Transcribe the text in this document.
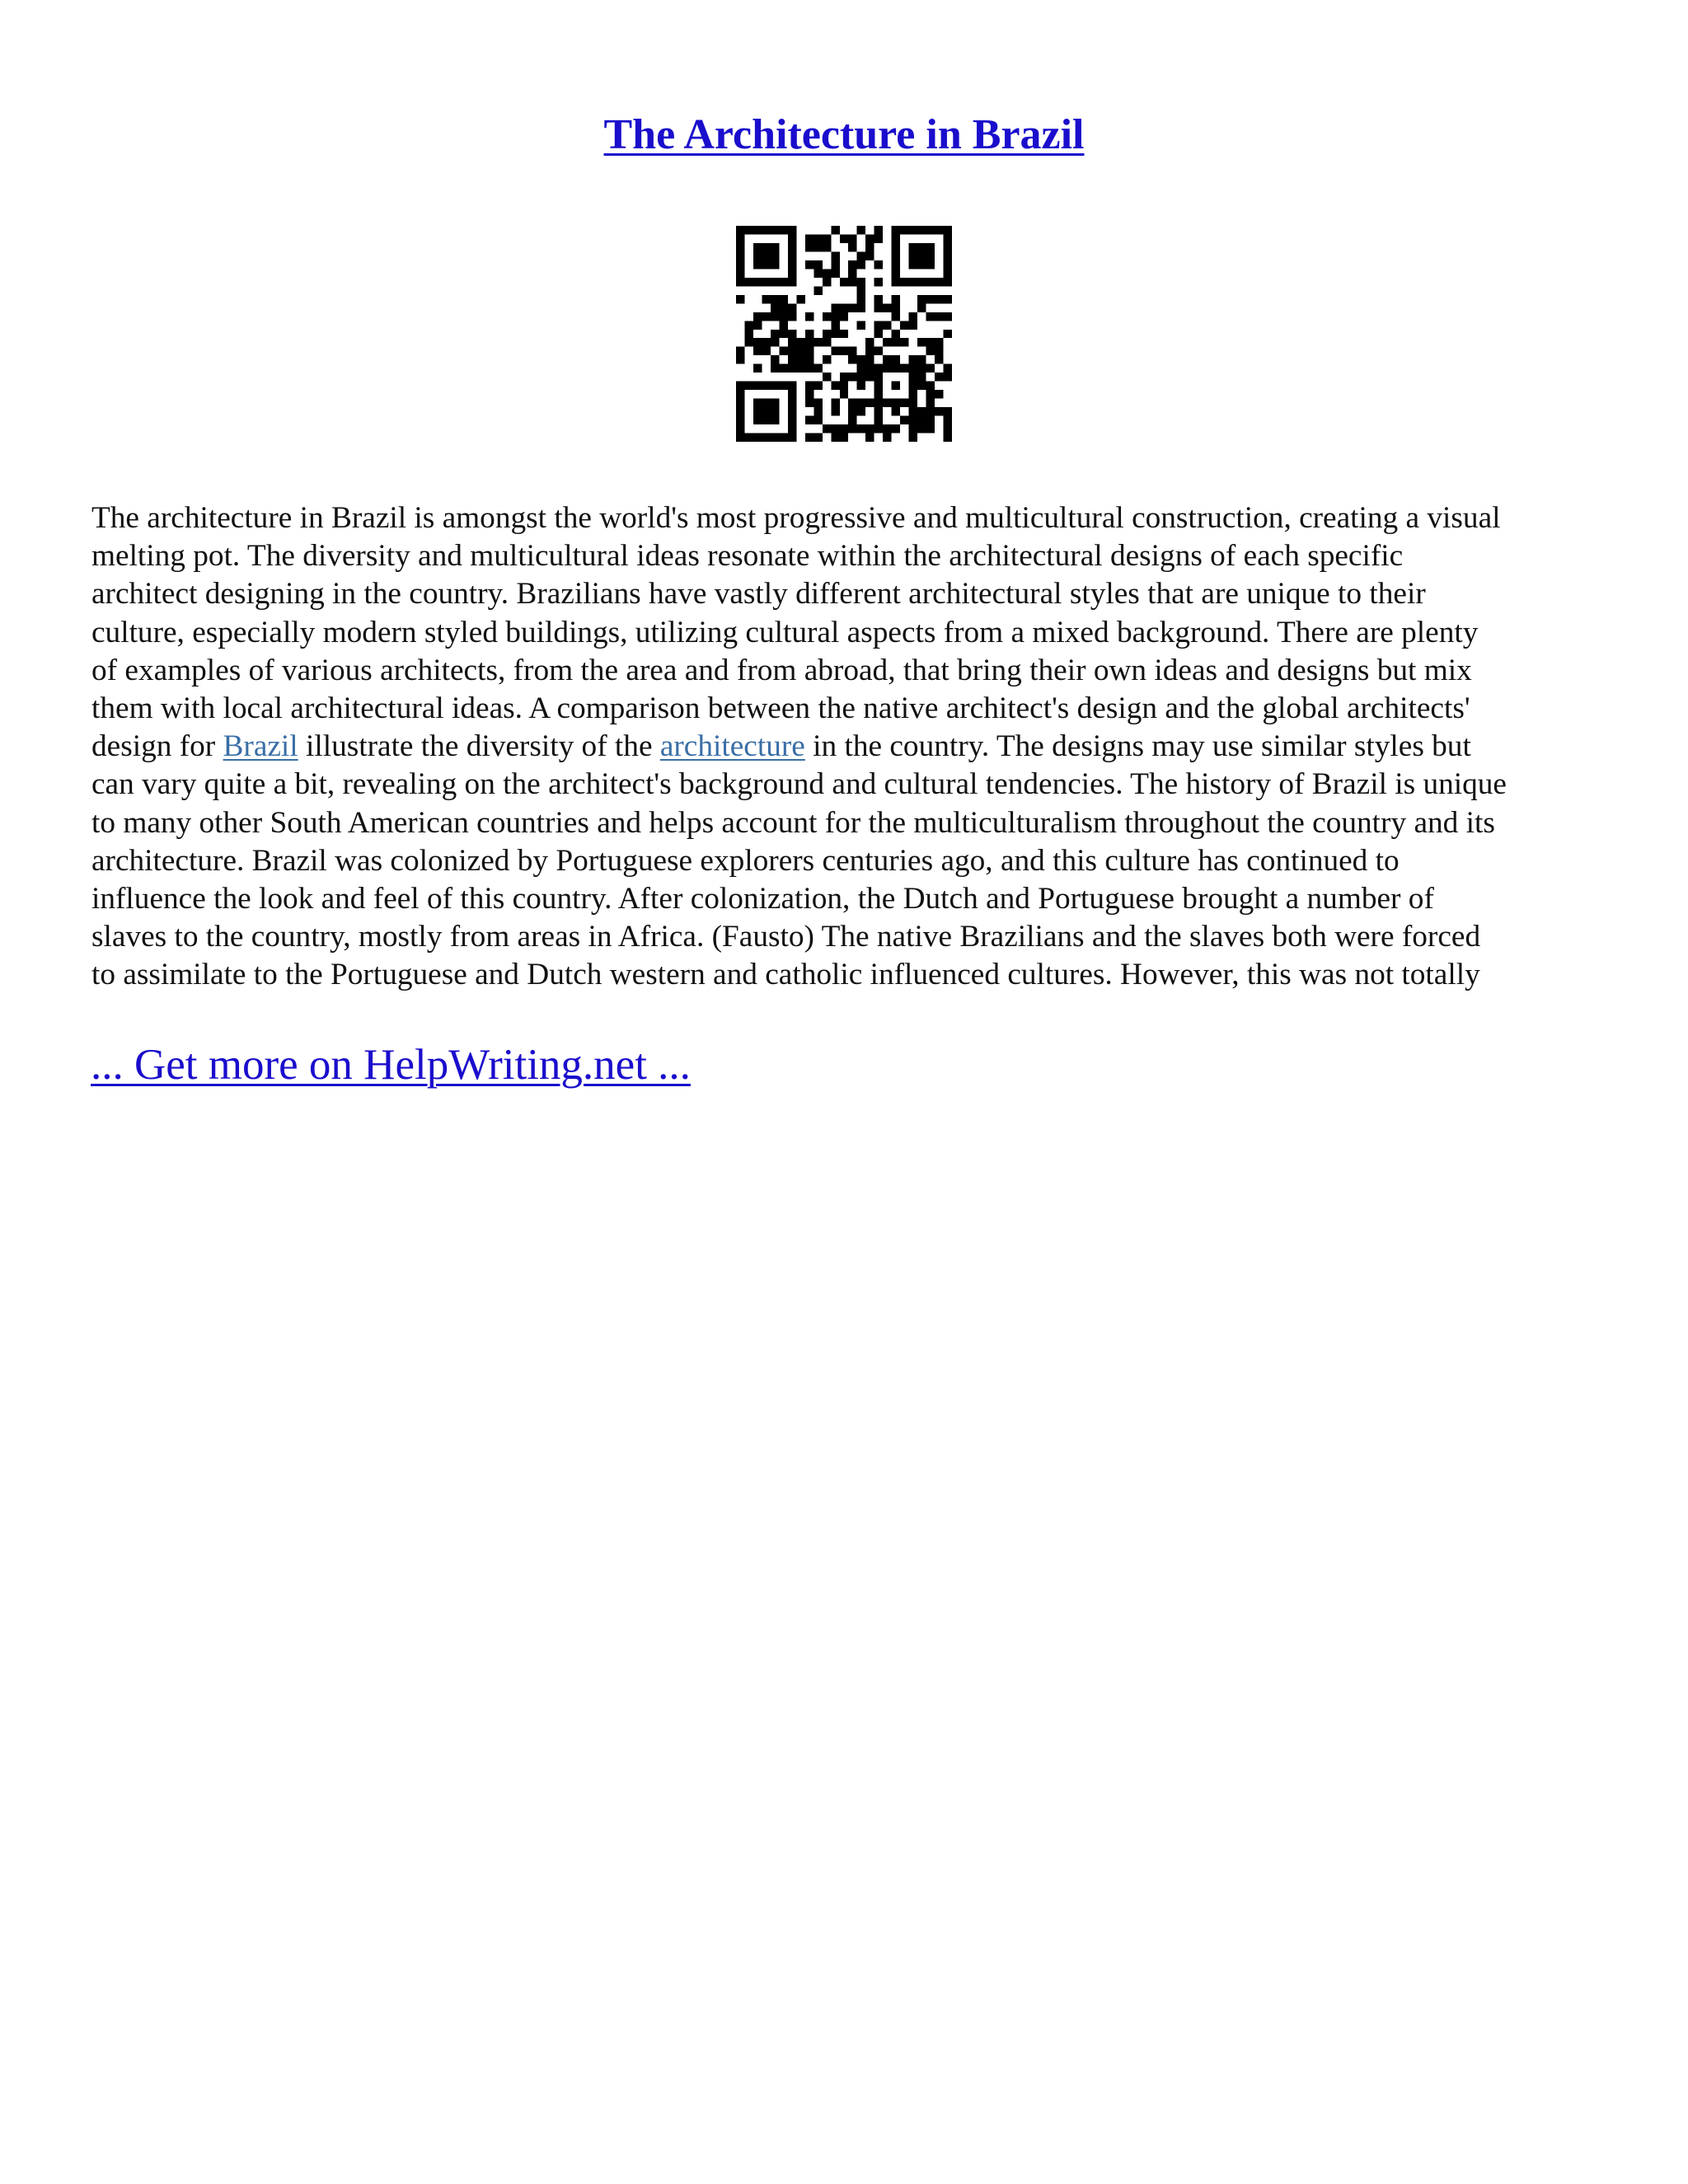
The Architecture in Brazil
The architecture in Brazil is amongst the world's most progressive and multicultural construction, creating a visual
melting pot. The diversity and multicultural ideas resonate within the architectural designs of each specific
architect designing in the country. Brazilians have vastly different architectural styles that are unique to their
culture, especially modern styled buildings, utilizing cultural aspects from a mixed background. There are plenty
of examples of various architects, from the area and from abroad, that bring their own ideas and designs but mix
them with local architectural ideas. A comparison between the native architect's design and the global architects'
design for Brazil illustrate the diversity of the architecture in the country. The designs may use similar styles but
can vary quite a bit, revealing on the architect's background and cultural tendencies. The history of Brazil is unique
to many other South American countries and helps account for the multiculturalism throughout the country and its
architecture. Brazil was colonized by Portuguese explorers centuries ago, and this culture has continued to
influence the look and feel of this country. After colonization, the Dutch and Portuguese brought a number of
slaves to the country, mostly from areas in Africa. (Fausto) The native Brazilians and the slaves both were forced
to assimilate to the Portuguese and Dutch western and catholic influenced cultures. However, this was not totally

... Get more on HelpWriting.net ...
